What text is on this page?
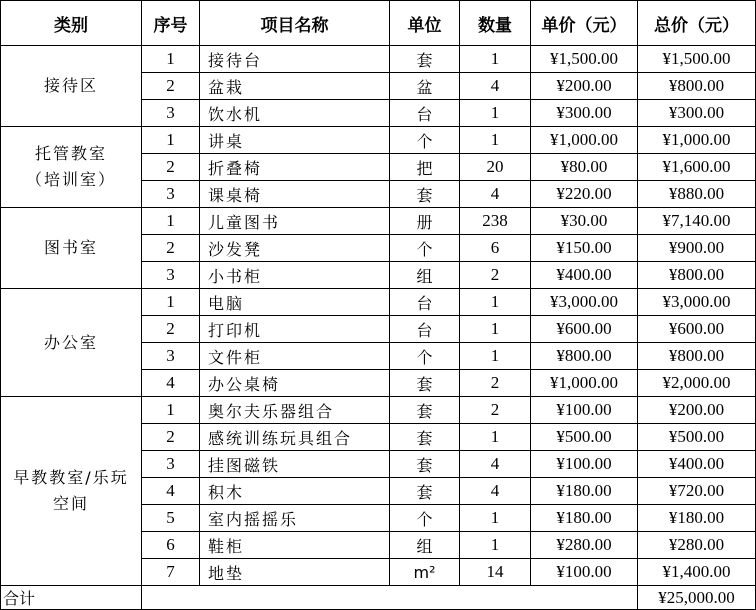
类别	序号	项目名称	单位	数量	单价（元）	总价（元）

接待区	1	接待台	套	1	¥1,500.00	¥1,500.00
	2	盆栽	盆	4	¥200.00	¥800.00
	3	饮水机	台	1	¥300.00	¥300.00

托管教室（培训室）	1	讲桌	个	1	¥1,000.00	¥1,000.00
	2	折叠椅	把	20	¥80.00	¥1,600.00
	3	课桌椅	套	4	¥220.00	¥880.00

图书室	1	儿童图书	册	238	¥30.00	¥7,140.00
	2	沙发凳	个	6	¥150.00	¥900.00
	3	小书柜	组	2	¥400.00	¥800.00

办公室	1	电脑	台	1	¥3,000.00	¥3,000.00
	2	打印机	台	1	¥600.00	¥600.00
	3	文件柜	个	1	¥800.00	¥800.00
	4	办公桌椅	套	2	¥1,000.00	¥2,000.00

早教教室/乐玩空间	1	奥尔夫乐器组合	套	2	¥100.00	¥200.00
	2	感统训练玩具组合	套	1	¥500.00	¥500.00
	3	挂图磁铁	套	4	¥100.00	¥400.00
	4	积木	套	4	¥180.00	¥720.00
	5	室内摇摇乐	个	1	¥180.00	¥180.00
	6	鞋柜	组	1	¥280.00	¥280.00
	7	地垫	m²	14	¥100.00	¥1,400.00
合计						¥25,000.00
